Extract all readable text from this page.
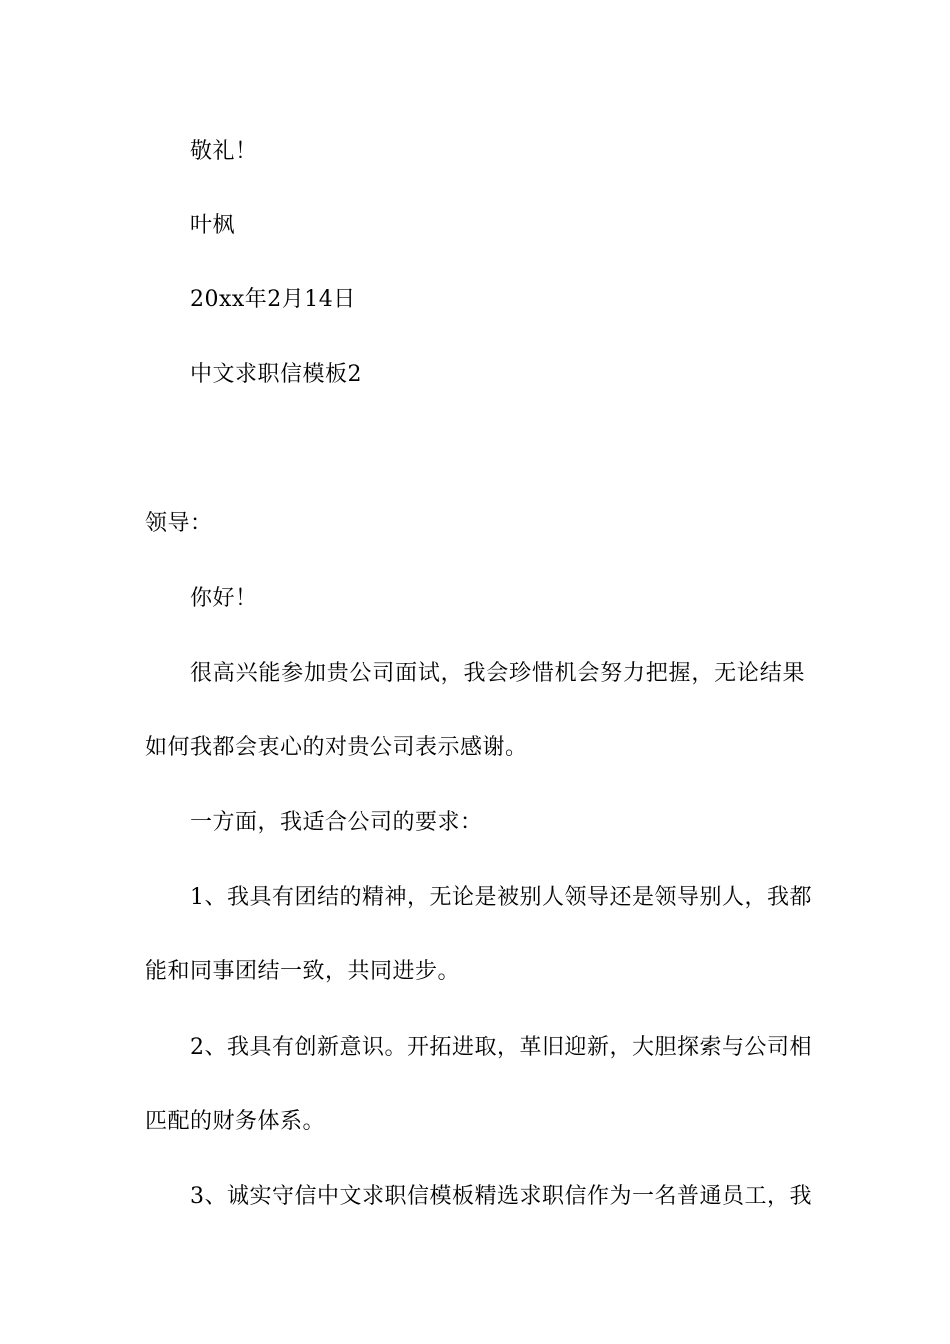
敬礼！
叶枫
20xx年2月14日
中文求职信模板2
领导：
你好！
很高兴能参加贵公司面试，我会珍惜机会努力把握，无论结果
如何我都会衷心的对贵公司表示感谢。
一方面，我适合公司的要求：
1、我具有团结的精神，无论是被别人领导还是领导别人，我都
能和同事团结一致，共同进步。
2、我具有创新意识。开拓进取，革旧迎新，大胆探索与公司相
匹配的财务体系。
3、诚实守信中文求职信模板精选求职信作为一名普通员工，我
